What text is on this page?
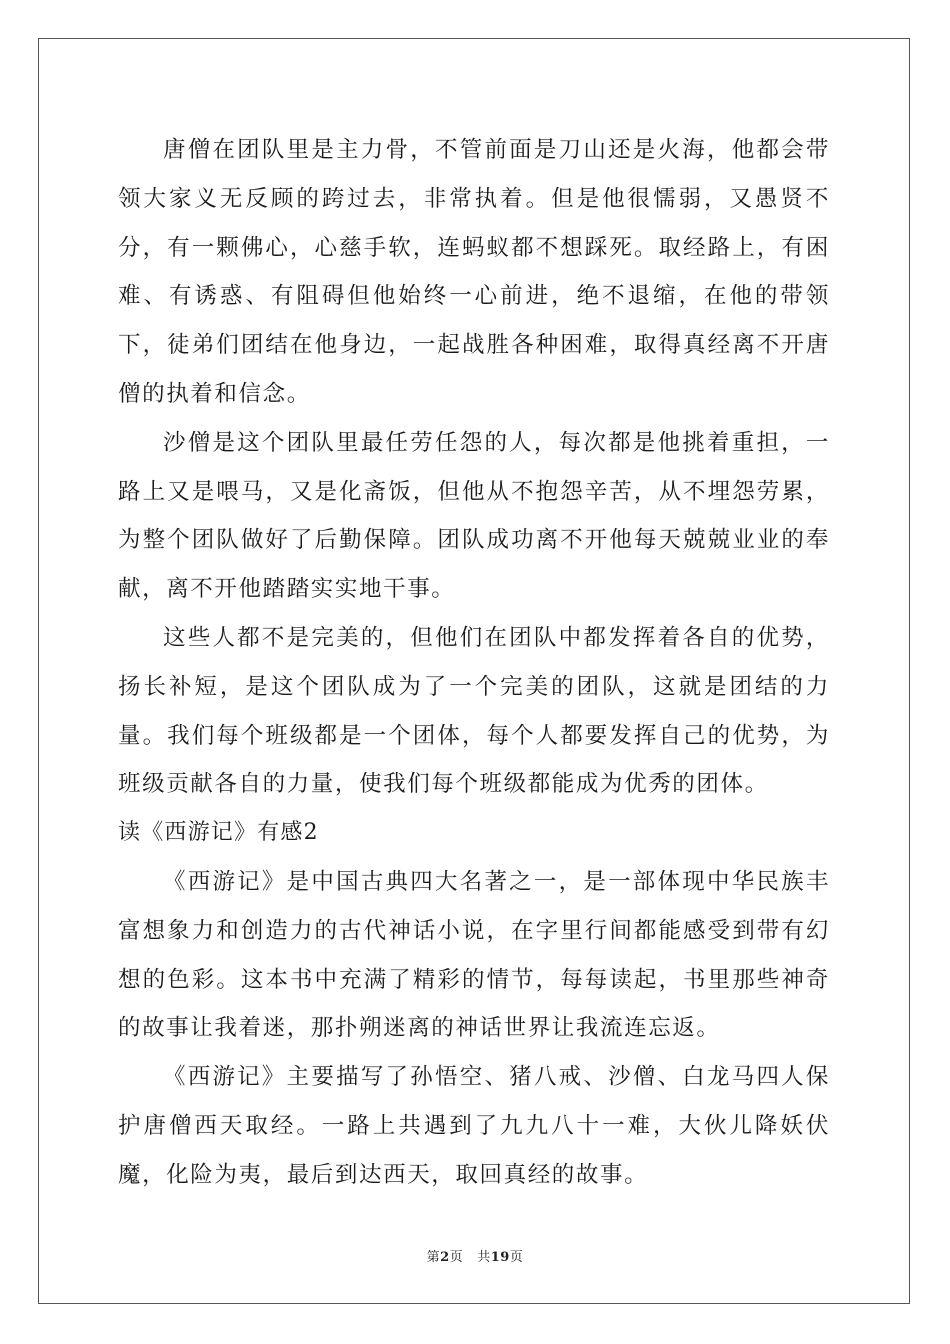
唐僧在团队里是主力骨，不管前面是刀山还是火海，他都会带领大家义无反顾的跨过去，非常执着。但是他很懦弱，又愚贤不分，有一颗佛心，心慈手软，连蚂蚁都不想踩死。取经路上，有困难、有诱惑、有阻碍但他始终一心前进，绝不退缩，在他的带领下，徒弟们团结在他身边，一起战胜各种困难，取得真经离不开唐僧的执着和信念。

沙僧是这个团队里最任劳任怨的人，每次都是他挑着重担，一路上又是喂马，又是化斋饭，但他从不抱怨辛苦，从不埋怨劳累，为整个团队做好了后勤保障。团队成功离不开他每天兢兢业业的奉献，离不开他踏踏实实地干事。

这些人都不是完美的，但他们在团队中都发挥着各自的优势，扬长补短，是这个团队成为了一个完美的团队，这就是团结的力量。我们每个班级都是一个团体，每个人都要发挥自己的优势，为班级贡献各自的力量，使我们每个班级都能成为优秀的团体。

读《西游记》有感2

《西游记》是中国古典四大名著之一，是一部体现中华民族丰富想象力和创造力的古代神话小说，在字里行间都能感受到带有幻想的色彩。这本书中充满了精彩的情节，每每读起，书里那些神奇的故事让我着迷，那扑朔迷离的神话世界让我流连忘返。

《西游记》主要描写了孙悟空、猪八戒、沙僧、白龙马四人保护唐僧西天取经。一路上共遇到了九九八十一难，大伙儿降妖伏魔，化险为夷，最后到达西天，取回真经的故事。

第2页 共19页
